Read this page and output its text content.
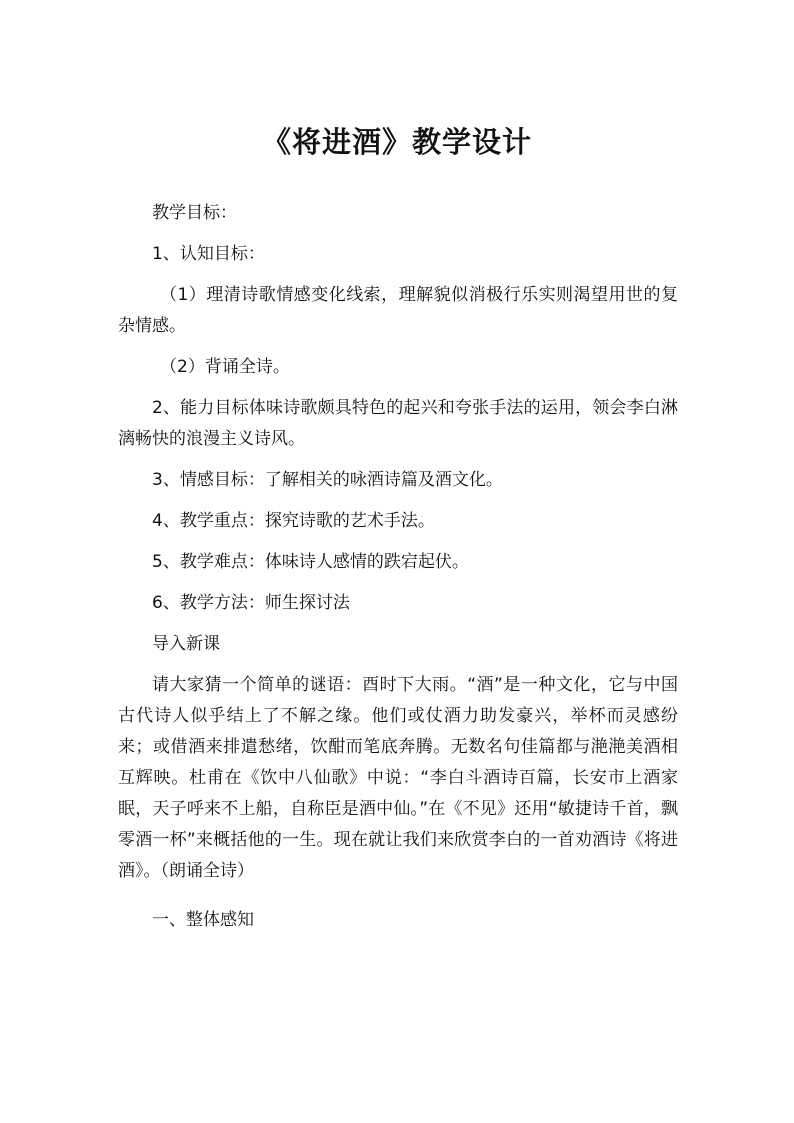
《将进酒》教学设计

教学目标：

1、认知目标：

（1）理清诗歌情感变化线索，理解貌似消极行乐实则渴望用世的复杂情感。

（2）背诵全诗。

2、能力目标体味诗歌颇具特色的起兴和夸张手法的运用，领会李白淋漓畅快的浪漫主义诗风。

3、情感目标：了解相关的咏酒诗篇及酒文化。

4、教学重点：探究诗歌的艺术手法。

5、教学难点：体味诗人感情的跌宕起伏。

6、教学方法：师生探讨法

导入新课

请大家猜一个简单的谜语：酉时下大雨。“酒”是一种文化，它与中国古代诗人似乎结上了不解之缘。他们或仗酒力助发豪兴，举杯而灵感纷来；或借酒来排遣愁绪，饮酣而笔底奔腾。无数名句佳篇都与滟滟美酒相互辉映。杜甫在《饮中八仙歌》中说：“李白斗酒诗百篇，长安市上酒家眠，天子呼来不上船，自称臣是酒中仙。”在《不见》还用“敏捷诗千首，飘零酒一杯”来概括他的一生。现在就让我们来欣赏李白的一首劝酒诗《将进酒》。（朗诵全诗）

一、整体感知
